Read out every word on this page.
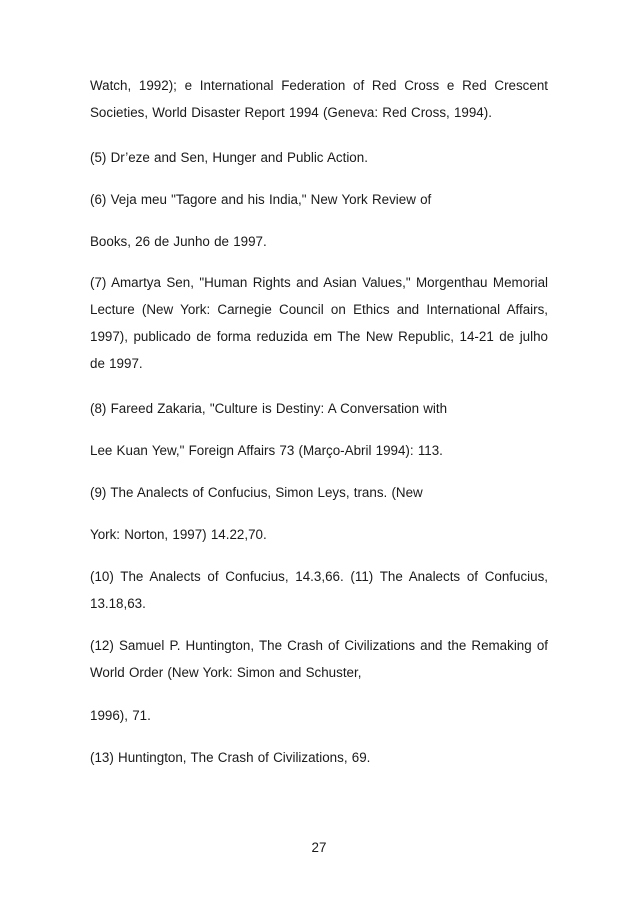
Watch, 1992); e International Federation of Red Cross e Red Crescent
Societies, World Disaster Report 1994 (Geneva: Red Cross, 1994).
(5) Dr’eze and Sen, Hunger and Public Action.
(6) Veja meu "Tagore and his India," New York Review of
Books, 26 de Junho de 1997.
(7) Amartya Sen, "Human Rights and Asian Values," Morgenthau Memorial
Lecture (New York: Carnegie Council on Ethics and International Affairs,
1997), publicado de forma reduzida em The New Republic, 14-21 de julho
de 1997.
(8) Fareed Zakaria, "Culture is Destiny: A Conversation with
Lee Kuan Yew," Foreign Affairs 73 (Março-Abril 1994): 113.
(9) The Analects of Confucius, Simon Leys, trans. (New
York: Norton, 1997) 14.22,70.
(10) The Analects of Confucius, 14.3,66. (11) The Analects of Confucius,
13.18,63.
(12) Samuel P. Huntington, The Crash of Civilizations and the Remaking of
World Order (New York: Simon and Schuster,
1996), 71.
(13) Huntington, The Crash of Civilizations, 69.
27
